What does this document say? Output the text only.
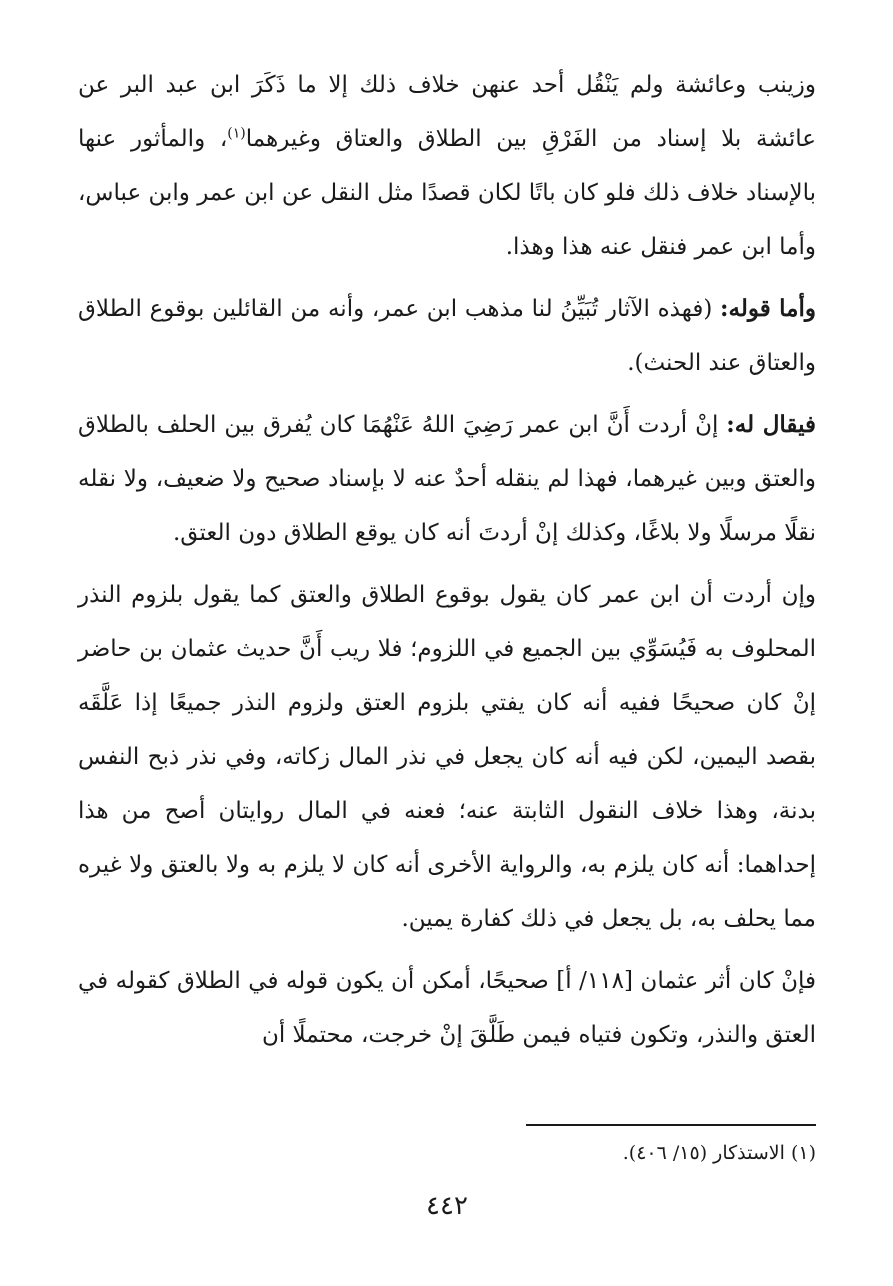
وزينب وعائشة ولم يَنْقُل أحد عنهن خلاف ذلك إلا ما ذَكَرَ ابن عبد البر عن عائشة بلا إسناد من الفَرْقِ بين الطلاق والعتاق وغيرهما$^{(١)}$، والمأثور عنها بالإسناد خلاف ذلك فلو كان باتًا لكان قصدًا مثل النقل عن ابن عمر وابن عباس، وأما ابن عمر فنقل عنه هذا وهذا.

وأما قوله: (فهذه الآثار تُبَيِّنُ لنا مذهب ابن عمر، وأنه من القائلين بوقوع الطلاق والعتاق عند الحنث).

فيقال له: إنْ أردت أَنَّ ابن عمر رَضِيَ اللهُ عَنْهُمَا كان يُفرق بين الحلف بالطلاق والعتق وبين غيرهما، فهذا لم ينقله أحدٌ عنه لا بإسناد صحيح ولا ضعيف، ولا نقله نقلًا مرسلًا ولا بلاغًا، وكذلك إنْ أردتَ أنه كان يوقع الطلاق دون العتق.

وإن أردت أن ابن عمر كان يقول بوقوع الطلاق والعتق كما يقول بلزوم النذر المحلوف به فَيُسَوِّي بين الجميع في اللزوم؛ فلا ريب أَنَّ حديث عثمان بن حاضر إنْ كان صحيحًا ففيه أنه كان يفتي بلزوم العتق ولزوم النذر جميعًا إذا عَلَّقَه بقصد اليمين، لكن فيه أنه كان يجعل في نذر المال زكاته، وفي نذر ذبح النفس بدنة، وهذا خلاف النقول الثابتة عنه؛ فعنه في المال روايتان أصح من هذا إحداهما: أنه كان يلزم به، والرواية الأخرى أنه كان لا يلزم به ولا بالعتق ولا غيره مما يحلف به، بل يجعل في ذلك كفارة يمين.

فإنْ كان أثر عثمان [١١٨/ أ] صحيحًا، أمكن أن يكون قوله في الطلاق كقوله في العتق والنذر، وتكون فتياه فيمن طَلَّقَ إنْ خرجت، محتملًا أن

(١) الاستذكار (١٥/ ٤٠٦).
٤٤٢
